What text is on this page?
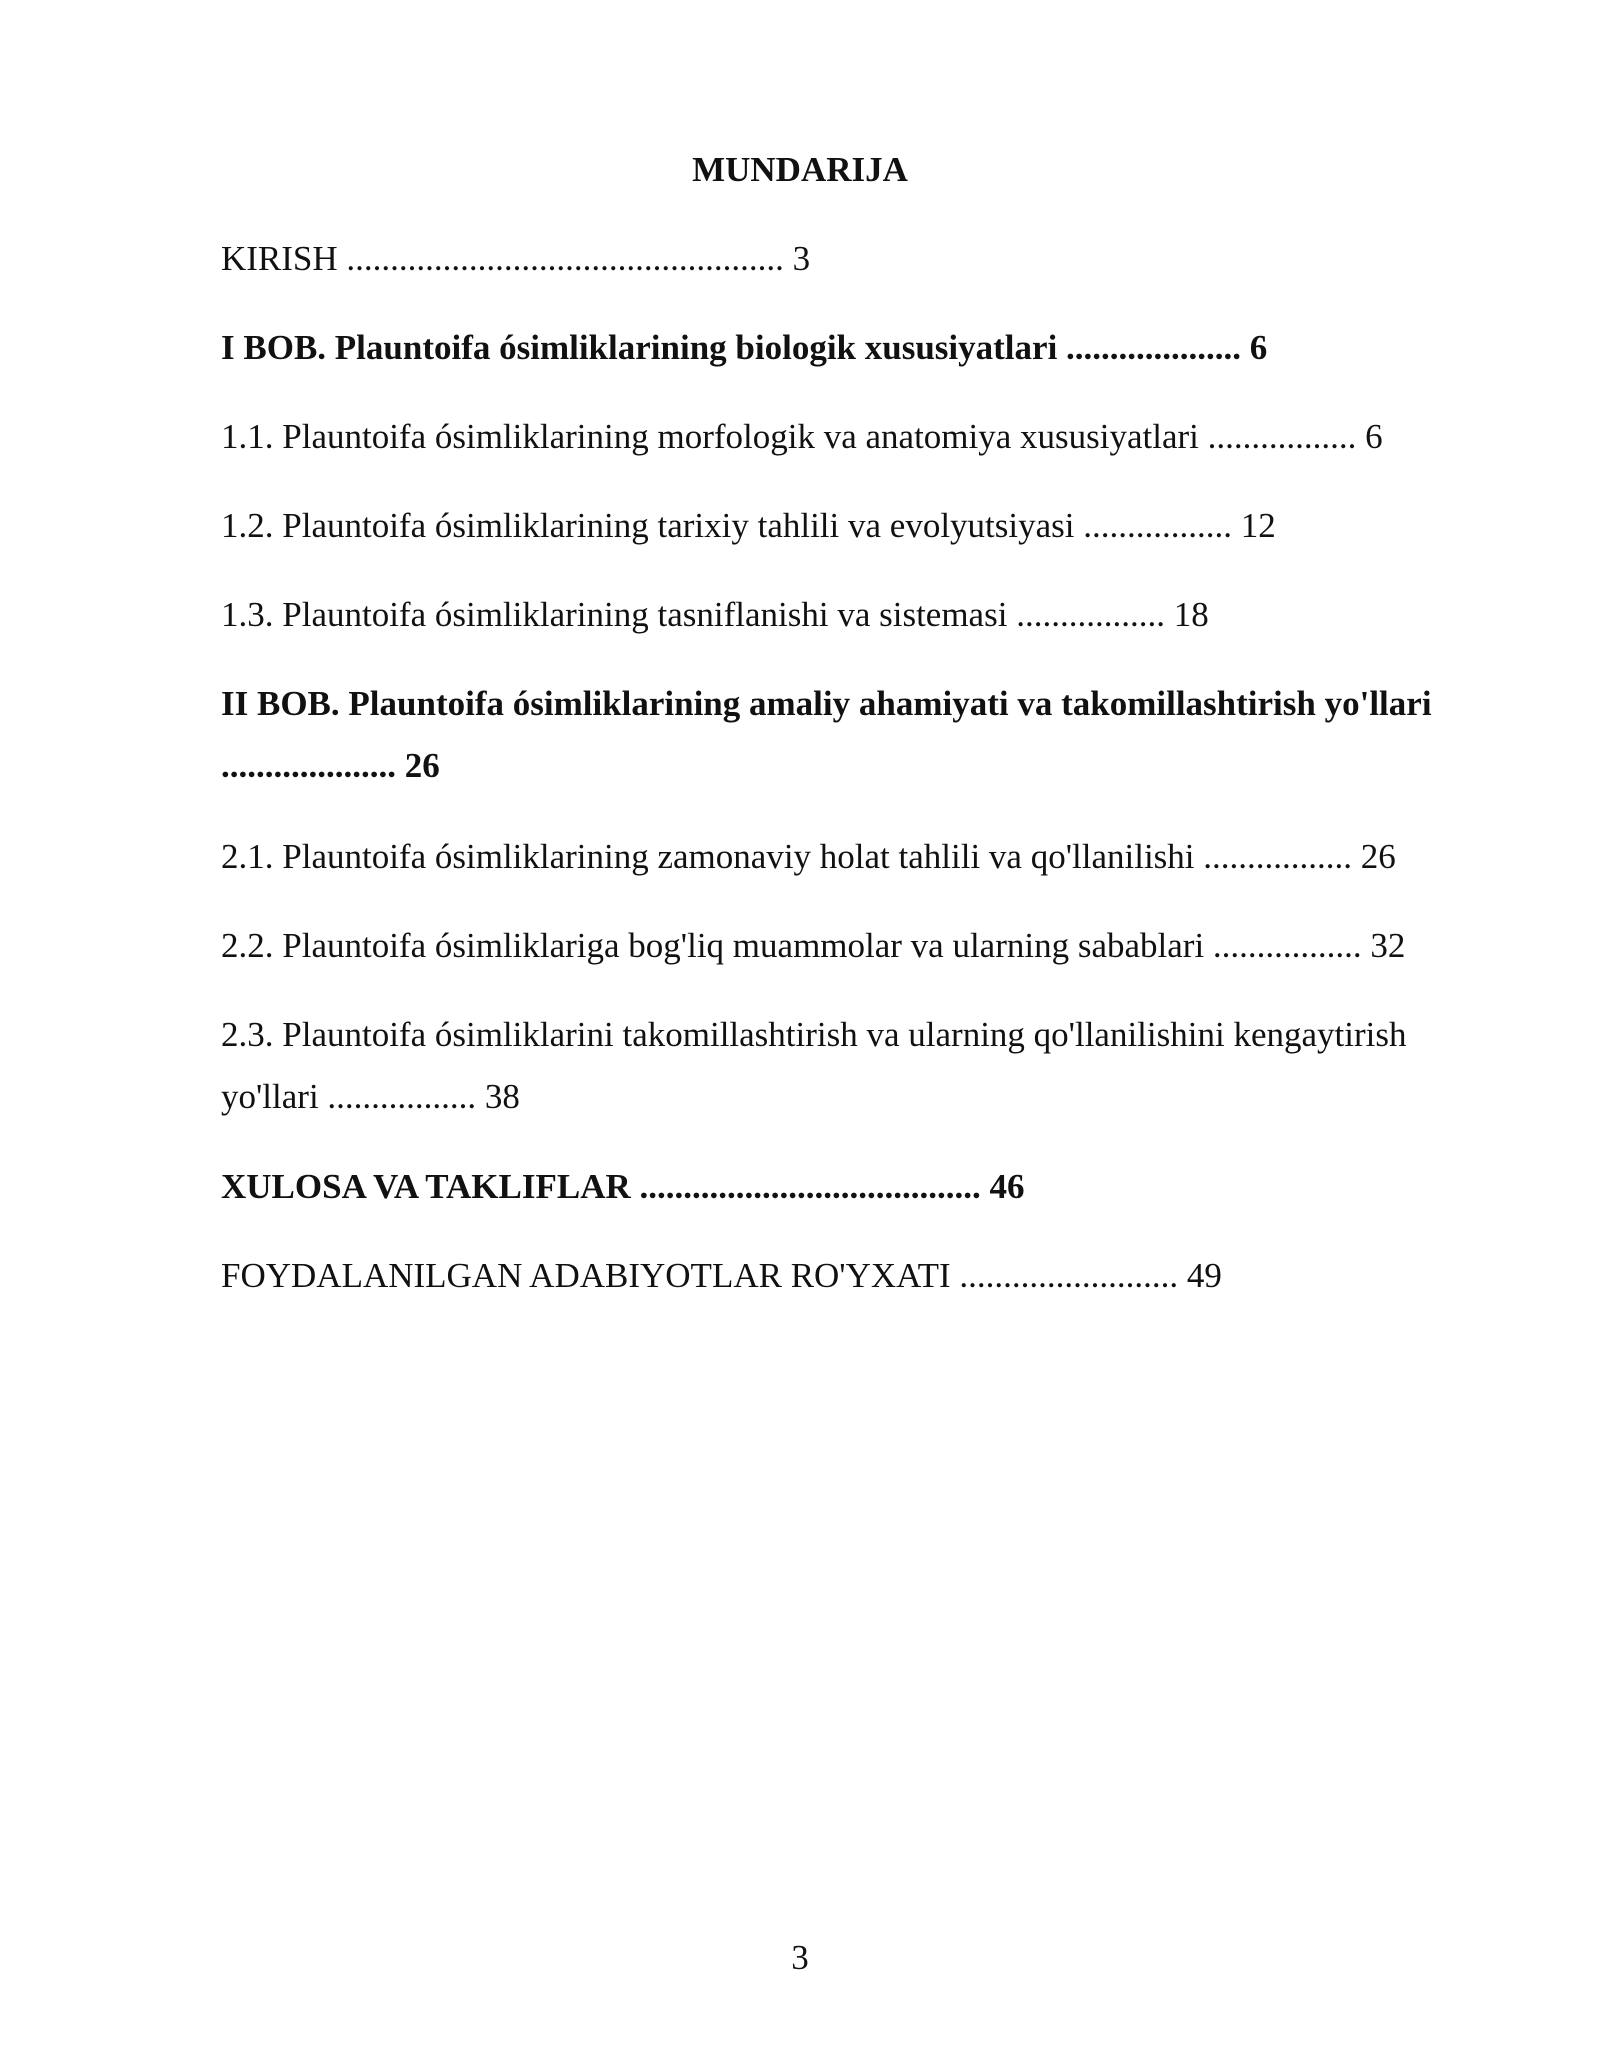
MUNDARIJA

KIRISH .................................................. 3

I BOB. Plauntoifa ósimliklarining biologik xususiyatlari .................... 6

1.1. Plauntoifa ósimliklarining morfologik va anatomiya xususiyatlari ................. 6

1.2. Plauntoifa ósimliklarining tarixiy tahlili va evolyutsiyasi ................. 12

1.3. Plauntoifa ósimliklarining tasniflanishi va sistemasi ................. 18

II BOB. Plauntoifa ósimliklarining amaliy ahamiyati va takomillashtirish yo'llari .................... 26

2.1. Plauntoifa ósimliklarining zamonaviy holat tahlili va qo'llanilishi ................. 26

2.2. Plauntoifa ósimliklariga bog'liq muammolar va ularning sabablari ................. 32

2.3. Plauntoifa ósimliklarini takomillashtirish va ularning qo'llanilishini kengaytirish yo'llari ................. 38

XULOSA VA TAKLIFLAR ....................................... 46

FOYDALANILGAN ADABIYOTLAR RO'YXATI ......................... 49

3
